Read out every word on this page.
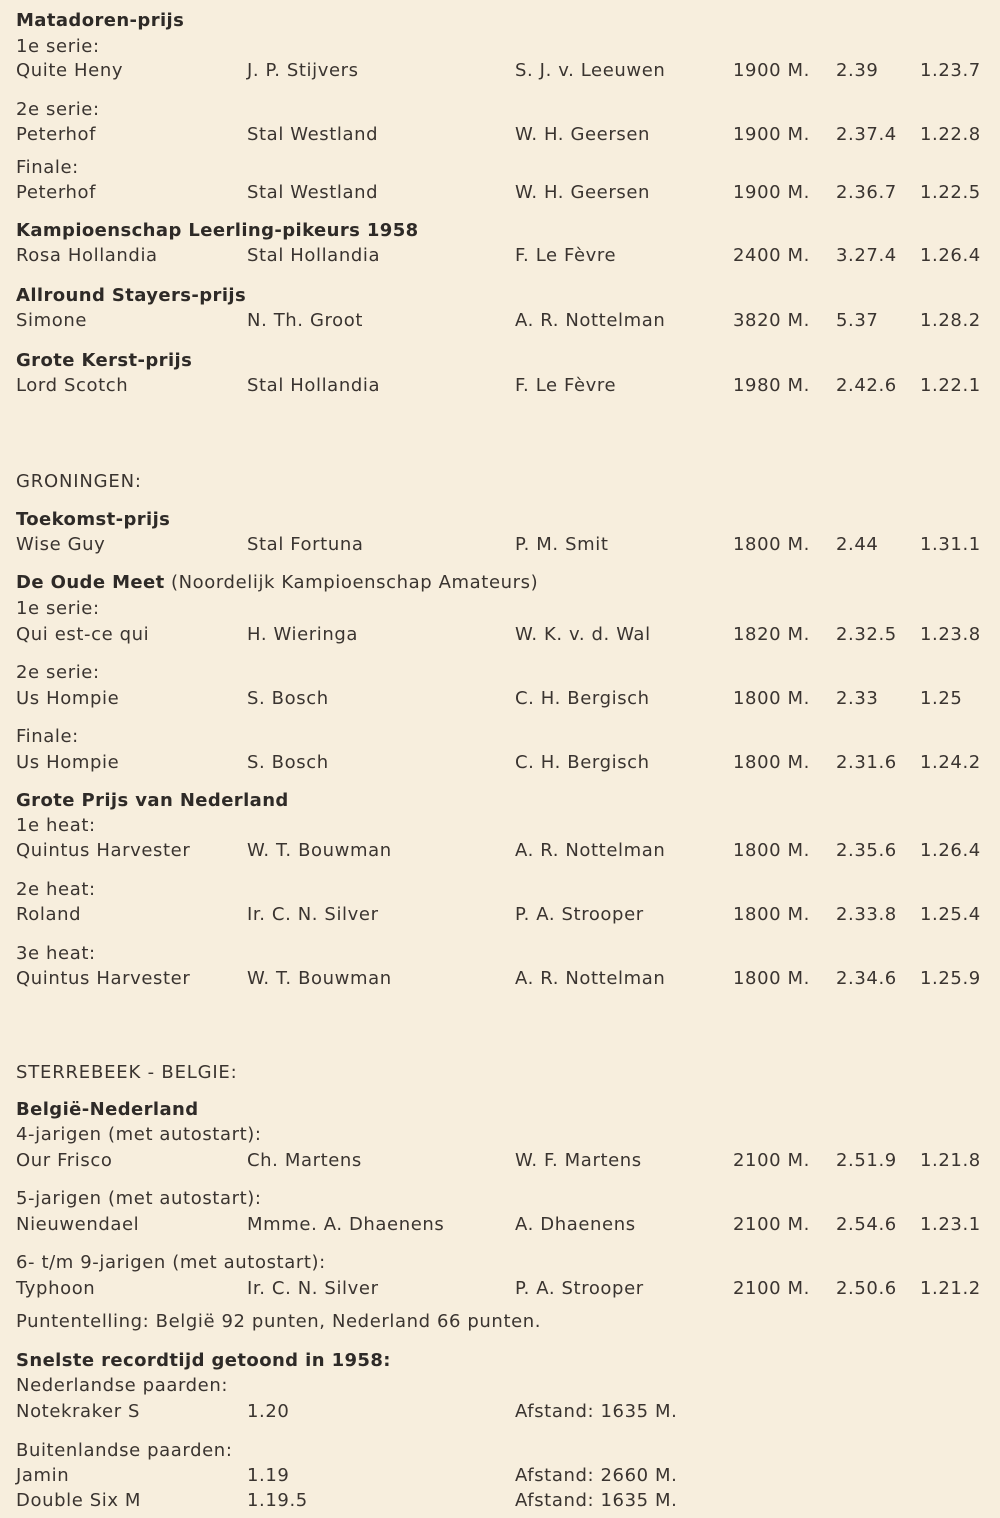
Matadoren-prijs
1e serie:
Quite Heny	J. P. Stijvers	S. J. v. Leeuwen	1900 M. 2.39 1.23.7
2e serie:
Peterhof	Stal Westland	W. H. Geersen	1900 M. 2.37.4 1.22.8
Finale:
Peterhof	Stal Westland	W. H. Geersen	1900 M. 2.36.7 1.22.5
Kampioenschap Leerling-pikeurs 1958
Rosa Hollandia	Stal Hollandia	F. Le Fèvre	2400 M. 3.27.4 1.26.4
Allround Stayers-prijs
Simone	N. Th. Groot	A. R. Nottelman	3820 M. 5.37 1.28.2
Grote Kerst-prijs
Lord Scotch	Stal Hollandia	F. Le Fèvre	1980 M. 2.42.6 1.22.1
GRONINGEN:
Toekomst-prijs
Wise Guy	Stal Fortuna	P. M. Smit	1800 M. 2.44 1.31.1
De Oude Meet (Noordelijk Kampioenschap Amateurs)
1e serie:
Qui est-ce qui	H. Wieringa	W. K. v. d. Wal	1820 M. 2.32.5 1.23.8
2e serie:
Us Hompie	S. Bosch	C. H. Bergisch	1800 M. 2.33 1.25
Finale:
Us Hompie	S. Bosch	C. H. Bergisch	1800 M. 2.31.6 1.24.2
Grote Prijs van Nederland
1e heat:
Quintus Harvester	W. T. Bouwman	A. R. Nottelman	1800 M. 2.35.6 1.26.4
2e heat:
Roland	Ir. C. N. Silver	P. A. Strooper	1800 M. 2.33.8 1.25.4
3e heat:
Quintus Harvester	W. T. Bouwman	A. R. Nottelman	1800 M. 2.34.6 1.25.9
STERREBEEK - BELGIE:
België-Nederland
4-jarigen (met autostart):
Our Frisco	Ch. Martens	W. F. Martens	2100 M. 2.51.9 1.21.8
5-jarigen (met autostart):
Nieuwendael	Mmme. A. Dhaenens	A. Dhaenens	2100 M. 2.54.6 1.23.1
6- t/m 9-jarigen (met autostart):
Typhoon	Ir. C. N. Silver	P. A. Strooper	2100 M. 2.50.6 1.21.2
Puntentelling: België 92 punten, Nederland 66 punten.
Snelste recordtijd getoond in 1958:
Nederlandse paarden:
Notekraker S	1.20	Afstand: 1635 M.
Buitenlandse paarden:
Jamin	1.19	Afstand: 2660 M.
Double Six M	1.19.5	Afstand: 1635 M.
